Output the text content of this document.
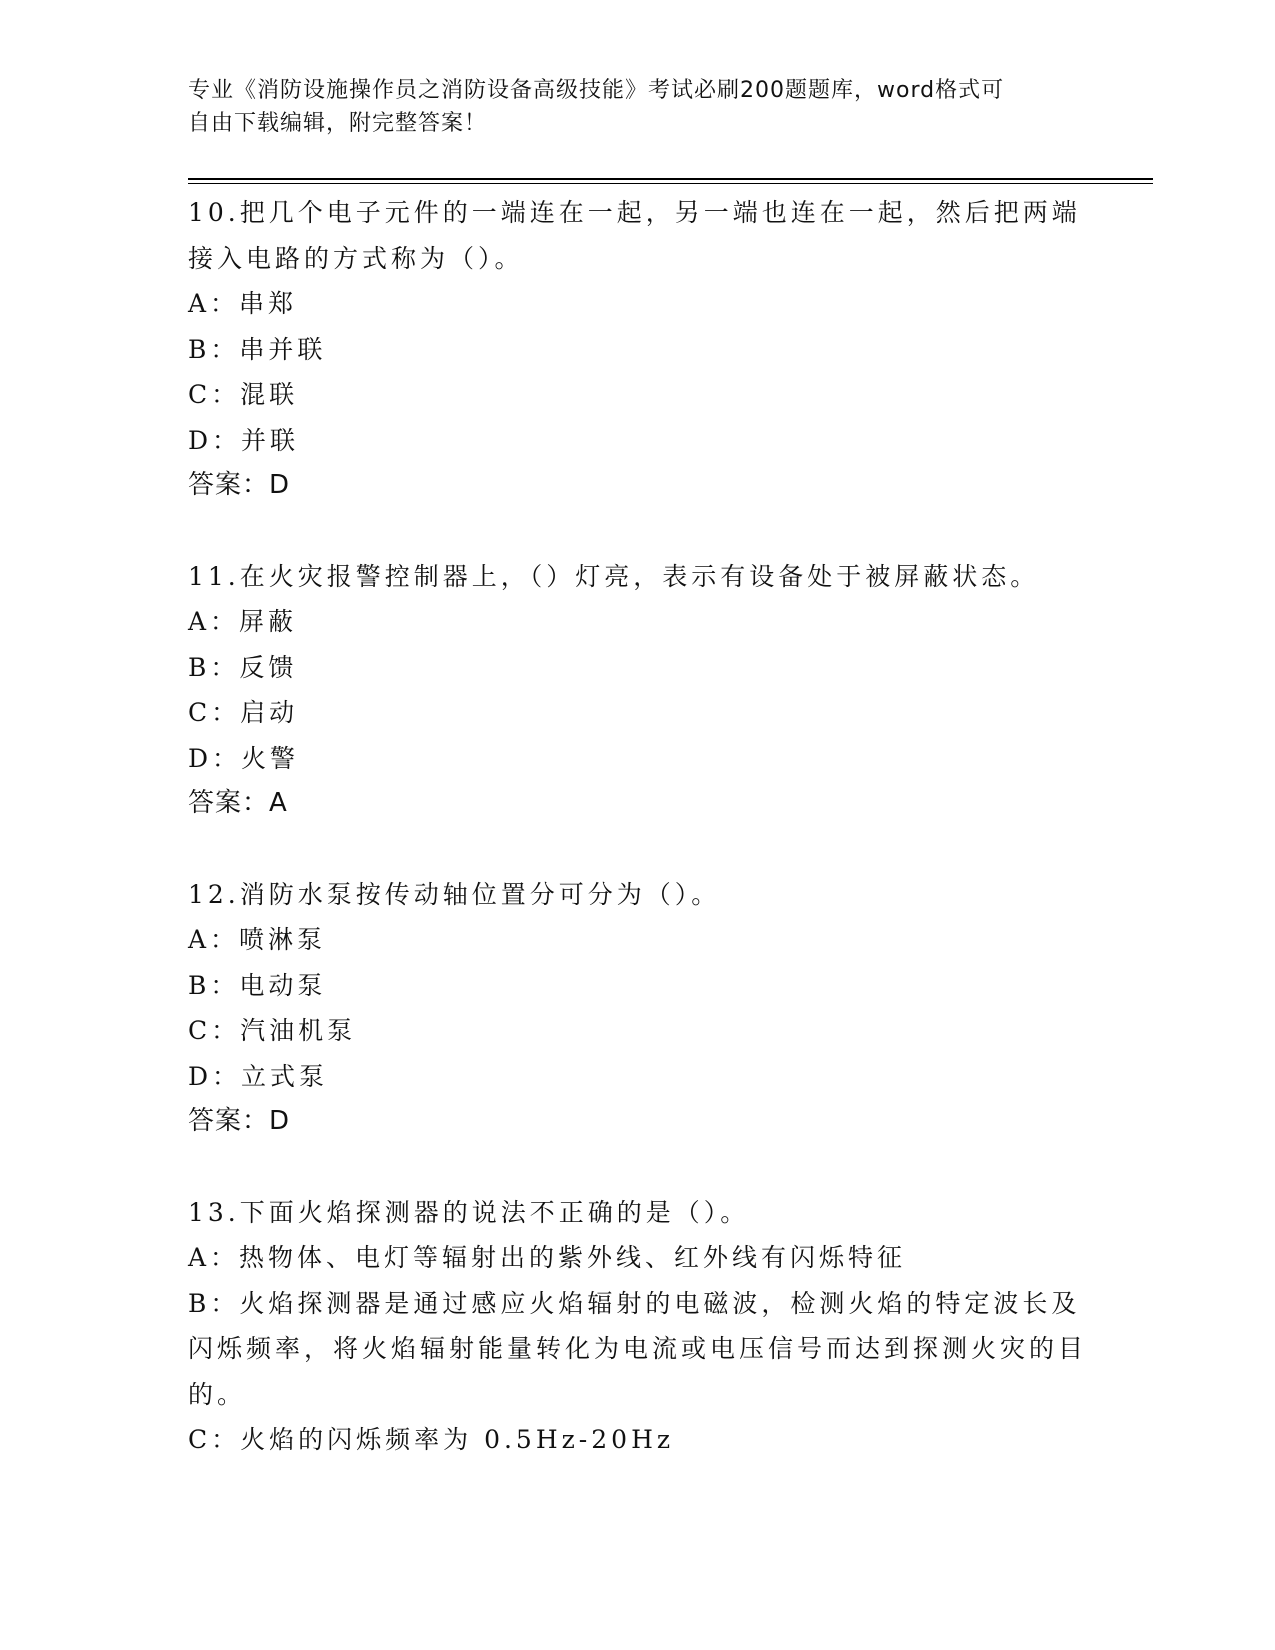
专业《消防设施操作员之消防设备高级技能》考试必刷200题题库，word格式可
自由下载编辑，附完整答案！

10.把几个电子元件的一端连在一起，另一端也连在一起，然后把两端接入电路的方式称为（）。

A：串郑

B：串并联

C：混联

D：并联

答案：D

11.在火灾报警控制器上，（）灯亮，表示有设备处于被屏蔽状态。

A：屏蔽

B：反馈

C：启动

D：火警

答案：A

12.消防水泵按传动轴位置分可分为（）。

A：喷淋泵

B：电动泵

C：汽油机泵

D：立式泵

答案：D

13.下面火焰探测器的说法不正确的是（）。

A：热物体、电灯等辐射出的紫外线、红外线有闪烁特征

B：火焰探测器是通过感应火焰辐射的电磁波，检测火焰的特定波长及闪烁频率，将火焰辐射能量转化为电流或电压信号而达到探测火灾的目的。

C：火焰的闪烁频率为 0.5Hz-20Hz
